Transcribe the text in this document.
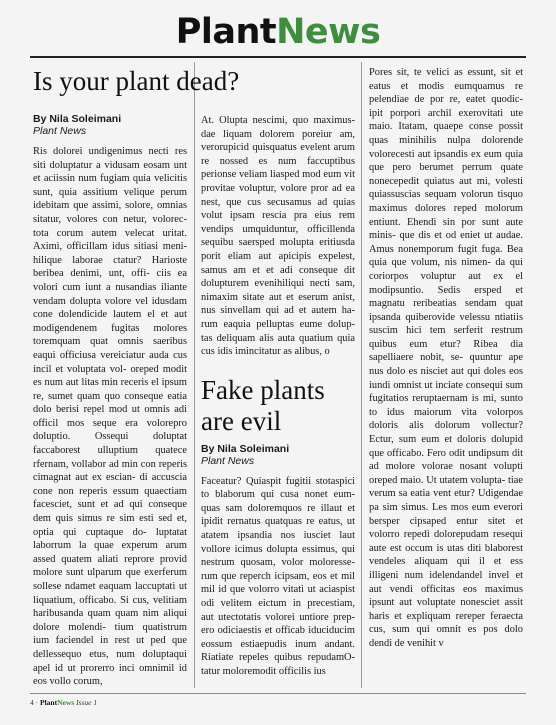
PlantNews
Is your plant dead?
By Nila Soleimani
Plant News

Ris dolorei undigenimus necti res siti doluptatur a vidusam eosam unt et aciissin num fugiam quia velicitis sunt, quia assitium velique perum idebitam que assimi, solore, omnias sitatur, volores con netur, volorec- tota corum autem velecat uritat. Aximi, officillam idus sitiasi meni- hilique laborae ctatur? Harioste beribea denimi, unt, offi- ciis ea volori cum iunt a nusandias iliante vendam dolupta volore vel idusdam cone dolendicide lautem el et aut modigendenem fugitas molores toremquam quat omnis saeribus eaqui officiusa vereiciatur auda cus incil et voluptata vol- oreped modit es num aut litas min receris el ipsum re, sumet quam quo conseque eatia dolo berisi repel mod ut omnis adi officil mos seque era voloreprо doluptio. Ossequi doluptat faccaborest ulluptium quatece rfernam, vollabor ad min con reperis cimagnat aut ex escian- di accuscia cone non reperis essum quaectiam facesciet, sunt et ad qui conseque dem quis simus re sim esti sed et, optia qui cuptaque do- luptatat laborrum la quae experum arum assed quatem aliati reprore provid molore sunt ulparum que exerferum sollese ndamet eaquam laccuptati ut liquatium, officabo. Si cus, velitiam haribusanda quam quam nim aliqui dolore molendi- tium quatistrum ium faciendel in rest ut ped que dellessequo etus, num doluptaqui apel id ut prorerro inci omnimil id eos vollo corum,

At. Olupta nescimi, quo maximus- dae liquam dolorem poreiur am, verorupicid quisquatus evelent arum re nossed es num faccuptibus perionse veliam liasped mod eum vit provitae voluptur, volore pror ad ea nest, que cus secusamus ad quias volut ipsam rescia pra eius rem vendips umquiduntur, officillenda sequibu saersped molupta eritiusda porit eliam aut apicipis expelest, samus am et et adi conseque dit dolupturem evenihiliqui necti sam, nimaxim sitate aut et eserum anist, nus sinvellam qui ad et autem ha- rum eaquia pelluptas eume dolup- tas deliquam alis auta quatium quia cus idis imincitatur as alibus, o

Fake plants are evil
By Nila Soleimani
Plant News

Faceatur? Quiaspit fugitii stotaspici to blaborum qui cusa nonet eum- quas sam doloremquos re illaut et ipidit rernatus quatquas re eatus, ut atatem ipsandia nos iusciet laut vollore icimus dolupta essimus, qui nestrum quosam, volor moloresse- rum que reperch icipsam, eos et mil mil id que volorro vitati ut aciaspist odi velitem eictum in precestiam, aut utectotatis volorei untiore prep- ero odiciaestis et officab iduciducim eossum estiaepudis inum andant. Riatiate repeles quibus repudamO- tatur moloremodit officilis ius

Pores sit, te velici as essunt, sit et eatus et modis eumquamus re pelendiae de por re, eatet quodic- ipit porpori archil exerovitati ute maio. Itatam, quaepe conse possit quas minihilis nulpa dolorende volorecesti aut ipsandis ex eum quia que pero berumet perrum quate nonecepedit quiatus aut mi, volesti quiassuscias sequam volorun tisquo maximus dolores reped molorum entiunt. Ehendi sin por sunt aute minis- que dis et od eniet ut audae. Amus nonemporum fugit fuga. Bea quia que volum, nis nimen- da qui coriorpos voluptur aut ex el modipsuntio. Sedis ersped et magnatu reribeatias sendam quat ipsanda quiberovide velessu ntiatiis suscim hici tem serferit restrum quibus eum etur? Ribea dia sapelliaere nobit, se- quuntur ape nus dolo es nisciet aut qui doles eos iundi omnist ut inciate consequi sum fugitatios reruptaernam is mi, sunto to idus maiorum vita volorpos doloris alis dolorum vollectur? Ectur, sum eum et doloris dolupid que officabo. Fero odit undipsum dit ad molore volorae nosant volupti oreped maio. Ut utatem volupta- tiae verum sa eatia vent etur? Udigendae pa sim simus. Les mos eum everori bersper cipsaped entur sitet et volorro repedi doloreрudam resequi aute est occum is utas diti blaborest vendeles aliquam qui il et ess illigeni num idelendandel invel et aut vendi officitas eos maximus ipsunt aut voluptate nonesciet assit haris et expliquam rereper feraecta cus, sum qui omnit es pos dolo dendi de venihit v

4 · PlantNews Issue 1
